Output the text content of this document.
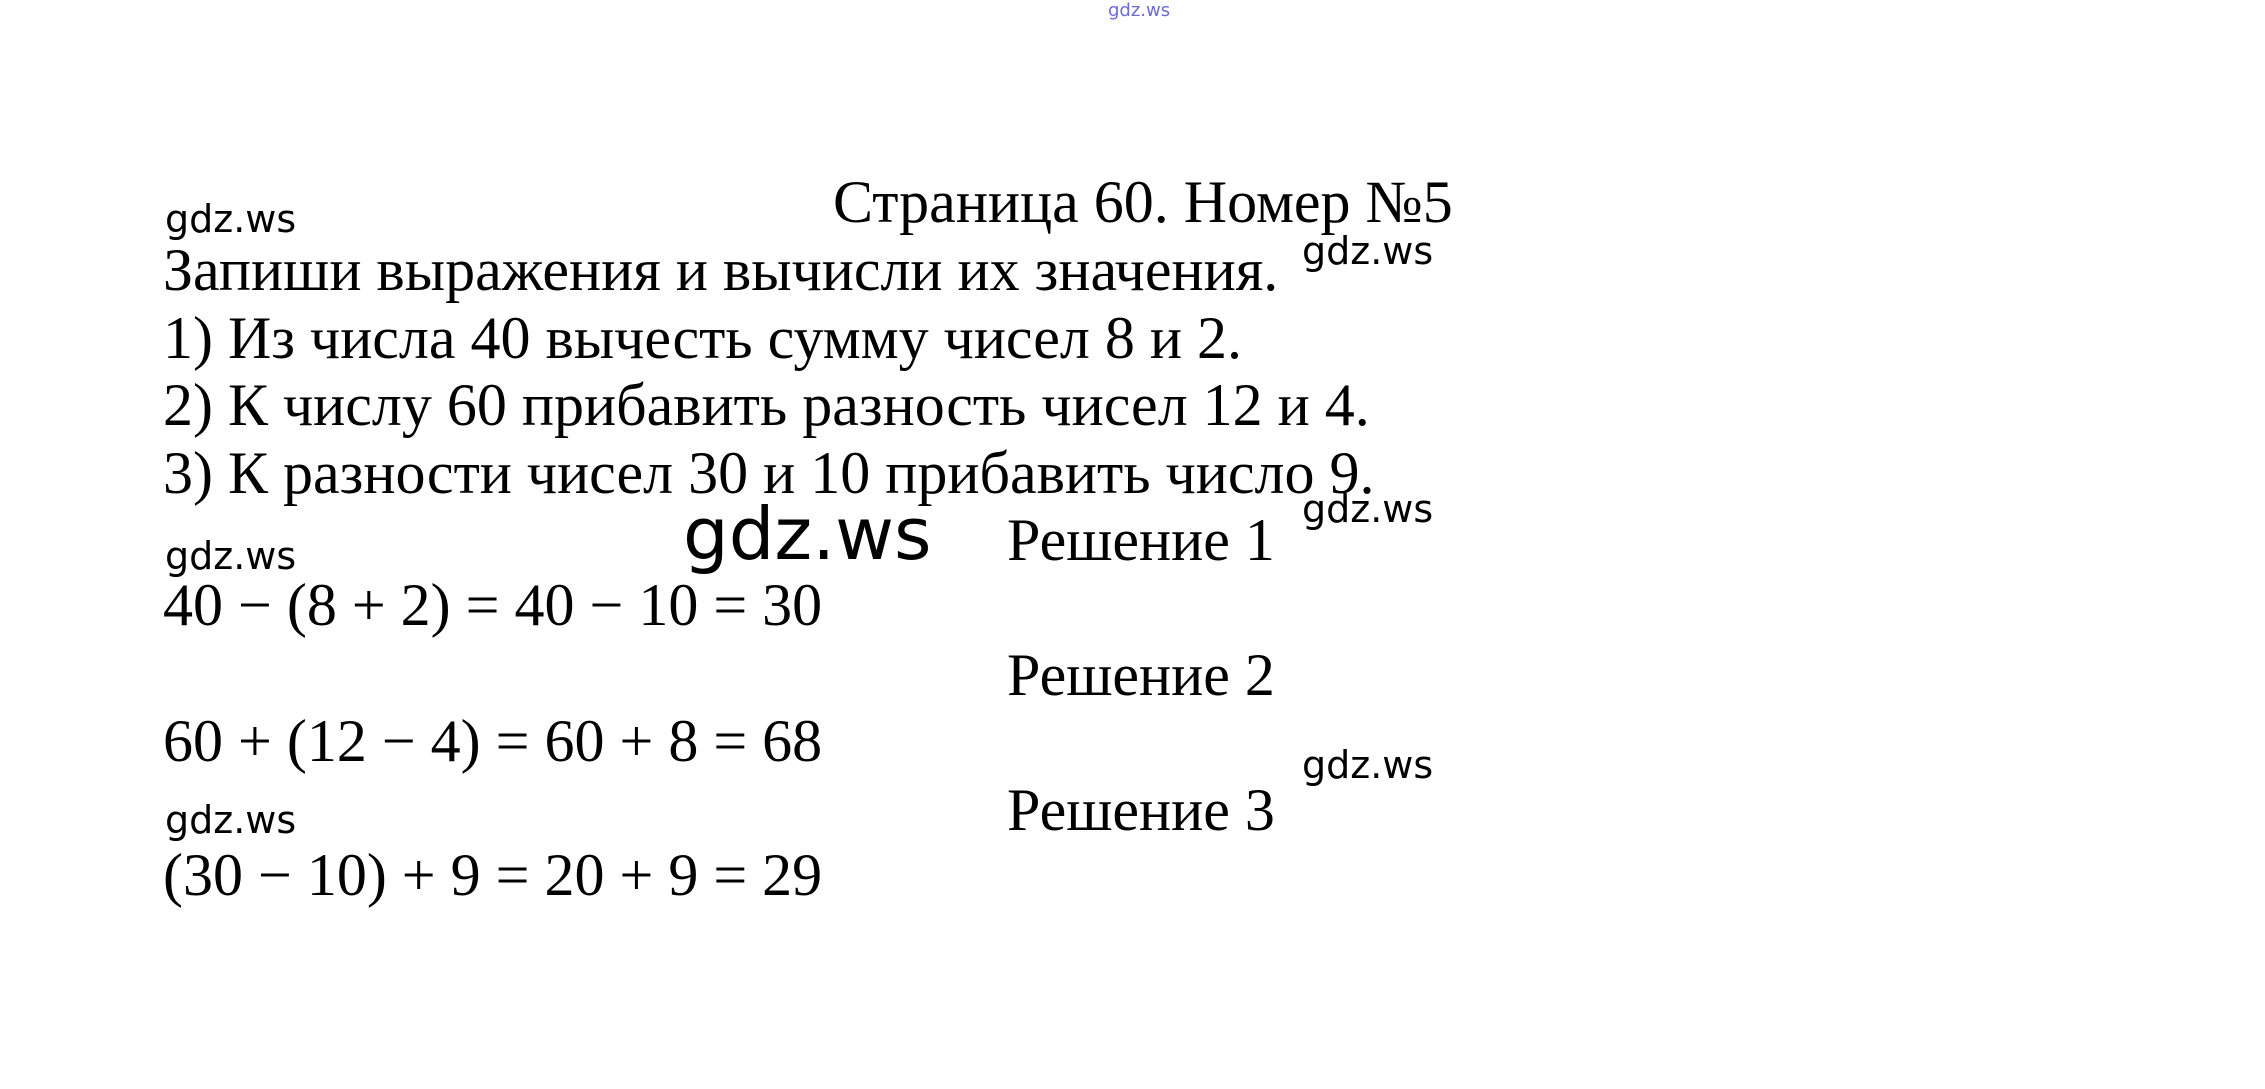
gdz.ws
Страница 60. Номер №5
gdz.ws
gdz.ws
Запиши выражения и вычисли их значения.
1) Из числа 40 вычесть сумму чисел 8 и 2.
2) К числу 60 прибавить разность чисел 12 и 4.
3) К разности чисел 30 и 10 прибавить число 9.
gdz.ws
gdz.ws Решение 1
gdz.ws
40 − (8 + 2) = 40 − 10 = 30
Решение 2
60 + (12 − 4) = 60 + 8 = 68	gdz.ws
Решение 3
gdz.ws
(30 − 10) + 9 = 20 + 9 = 29
